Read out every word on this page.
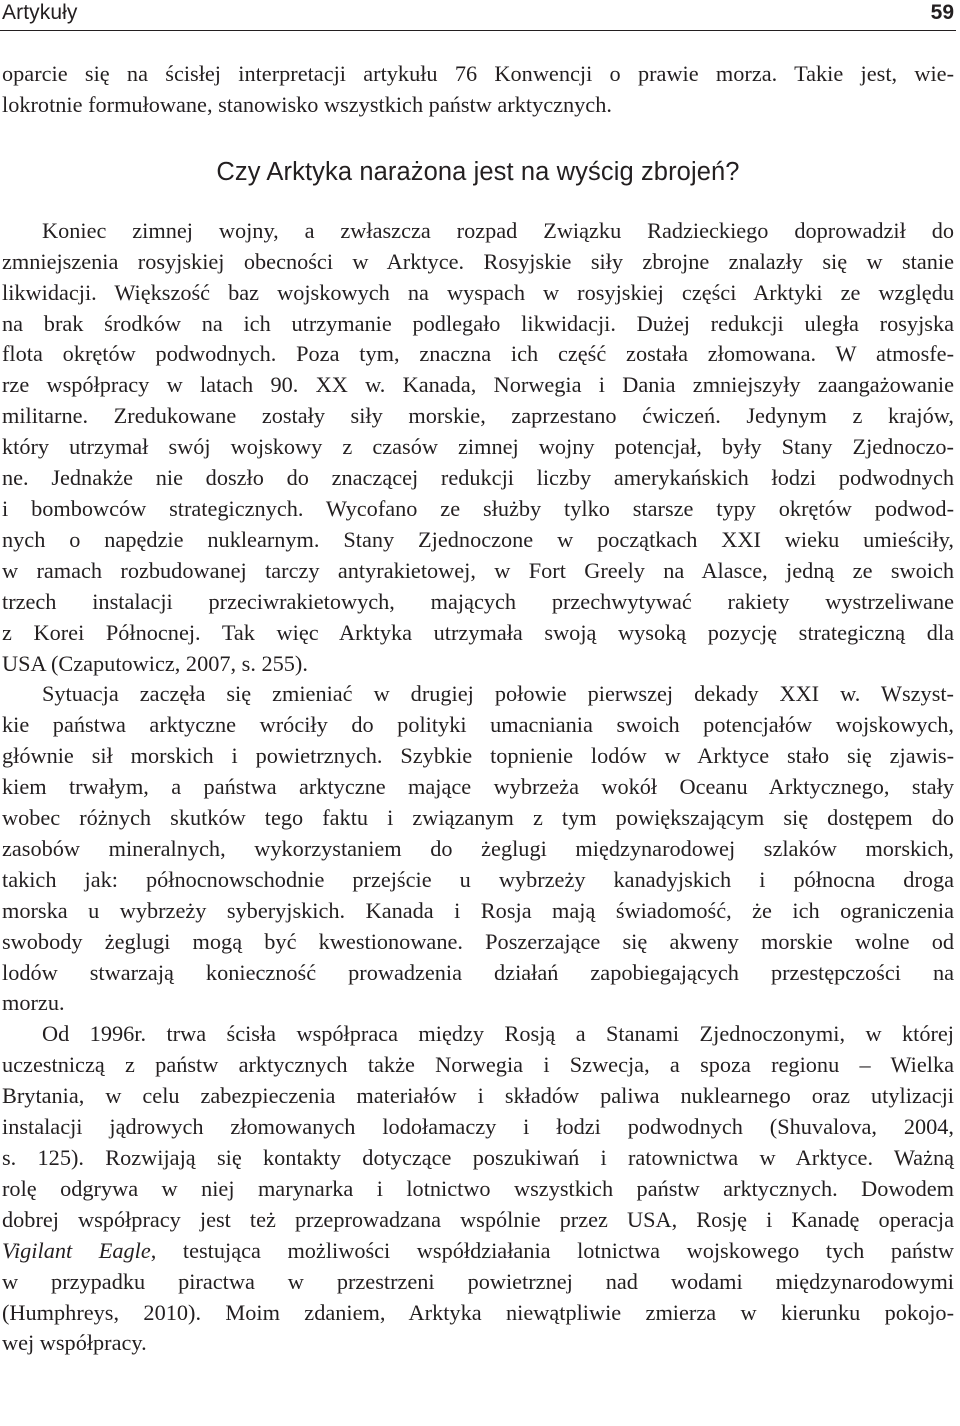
Artykuły	59

oparcie się na ścisłej interpretacji artykułu 76 Konwencji o prawie morza. Takie jest, wie-
lokrotnie formułowane, stanowisko wszystkich państw arktycznych.

Czy Arktyka narażona jest na wyścig zbrojeń?

Koniec zimnej wojny, a zwłaszcza rozpad Związku Radzieckiego doprowadził do
zmniejszenia rosyjskiej obecności w Arktyce. Rosyjskie siły zbrojne znalazły się w stanie
likwidacji. Większość baz wojskowych na wyspach w rosyjskiej części Arktyki ze względu
na brak środków na ich utrzymanie podlegało likwidacji. Dużej redukcji uległa rosyjska
flota okrętów podwodnych. Poza tym, znaczna ich część została złomowana. W atmosfe-
rze współpracy w latach 90. XX w. Kanada, Norwegia i Dania zmniejszyły zaangażowanie
militarne. Zredukowane zostały siły morskie, zaprzestano ćwiczeń. Jedynym z krajów,
który utrzymał swój wojskowy z czasów zimnej wojny potencjał, były Stany Zjednoczo-
ne. Jednakże nie doszło do znaczącej redukcji liczby amerykańskich łodzi podwodnych
i bombowców strategicznych. Wycofano ze służby tylko starsze typy okrętów podwod-
nych o napędzie nuklearnym. Stany Zjednoczone w początkach XXI wieku umieściły,
w ramach rozbudowanej tarczy antyrakietowej, w Fort Greely na Alasce, jedną ze swoich
trzech instalacji przeciwrakietowych, mających przechwytywać rakiety wystrzeliwane
z Korei Północnej. Tak więc Arktyka utrzymała swoją wysoką pozycję strategiczną dla
USA (Czaputowicz, 2007, s. 255).

Sytuacja zaczęła się zmieniać w drugiej połowie pierwszej dekady XXI w. Wszyst-
kie państwa arktyczne wróciły do polityki umacniania swoich potencjałów wojskowych,
głównie sił morskich i powietrznych. Szybkie topnienie lodów w Arktyce stało się zjawis-
kiem trwałym, a państwa arktyczne mające wybrzeża wokół Oceanu Arktycznego, stały
wobec różnych skutków tego faktu i związanym z tym powiększającym się dostępem do
zasobów mineralnych, wykorzystaniem do żeglugi międzynarodowej szlaków morskich,
takich jak: północnowschodnie przejście u wybrzeży kanadyjskich i północna droga
morska u wybrzeży syberyjskich. Kanada i Rosja mają świadomość, że ich ograniczenia
swobody żeglugi mogą być kwestionowane. Poszerzające się akweny morskie wolne od
lodów stwarzają konieczność prowadzenia działań zapobiegających przestępczości na
morzu.

Od 1996r. trwa ścisła współpraca między Rosją a Stanami Zjednoczonymi, w której
uczestniczą z państw arktycznych także Norwegia i Szwecja, a spoza regionu – Wielka
Brytania, w celu zabezpieczenia materiałów i składów paliwa nuklearnego oraz utylizacji
instalacji jądrowych złomowanych lodołamaczy i łodzi podwodnych (Shuvalova, 2004,
s. 125). Rozwijają się kontakty dotyczące poszukiwań i ratownictwa w Arktyce. Ważną
rolę odgrywa w niej marynarka i lotnictwo wszystkich państw arktycznych. Dowodem
dobrej współpracy jest też przeprowadzana wspólnie przez USA, Rosję i Kanadę operacja
Vigilant Eagle, testująca możliwości współdziałania lotnictwa wojskowego tych państw
w przypadku piractwa w przestrzeni powietrznej nad wodami międzynarodowymi
(Humphreys, 2010). Moim zdaniem, Arktyka niewątpliwie zmierza w kierunku pokojo-
wej współpracy.
